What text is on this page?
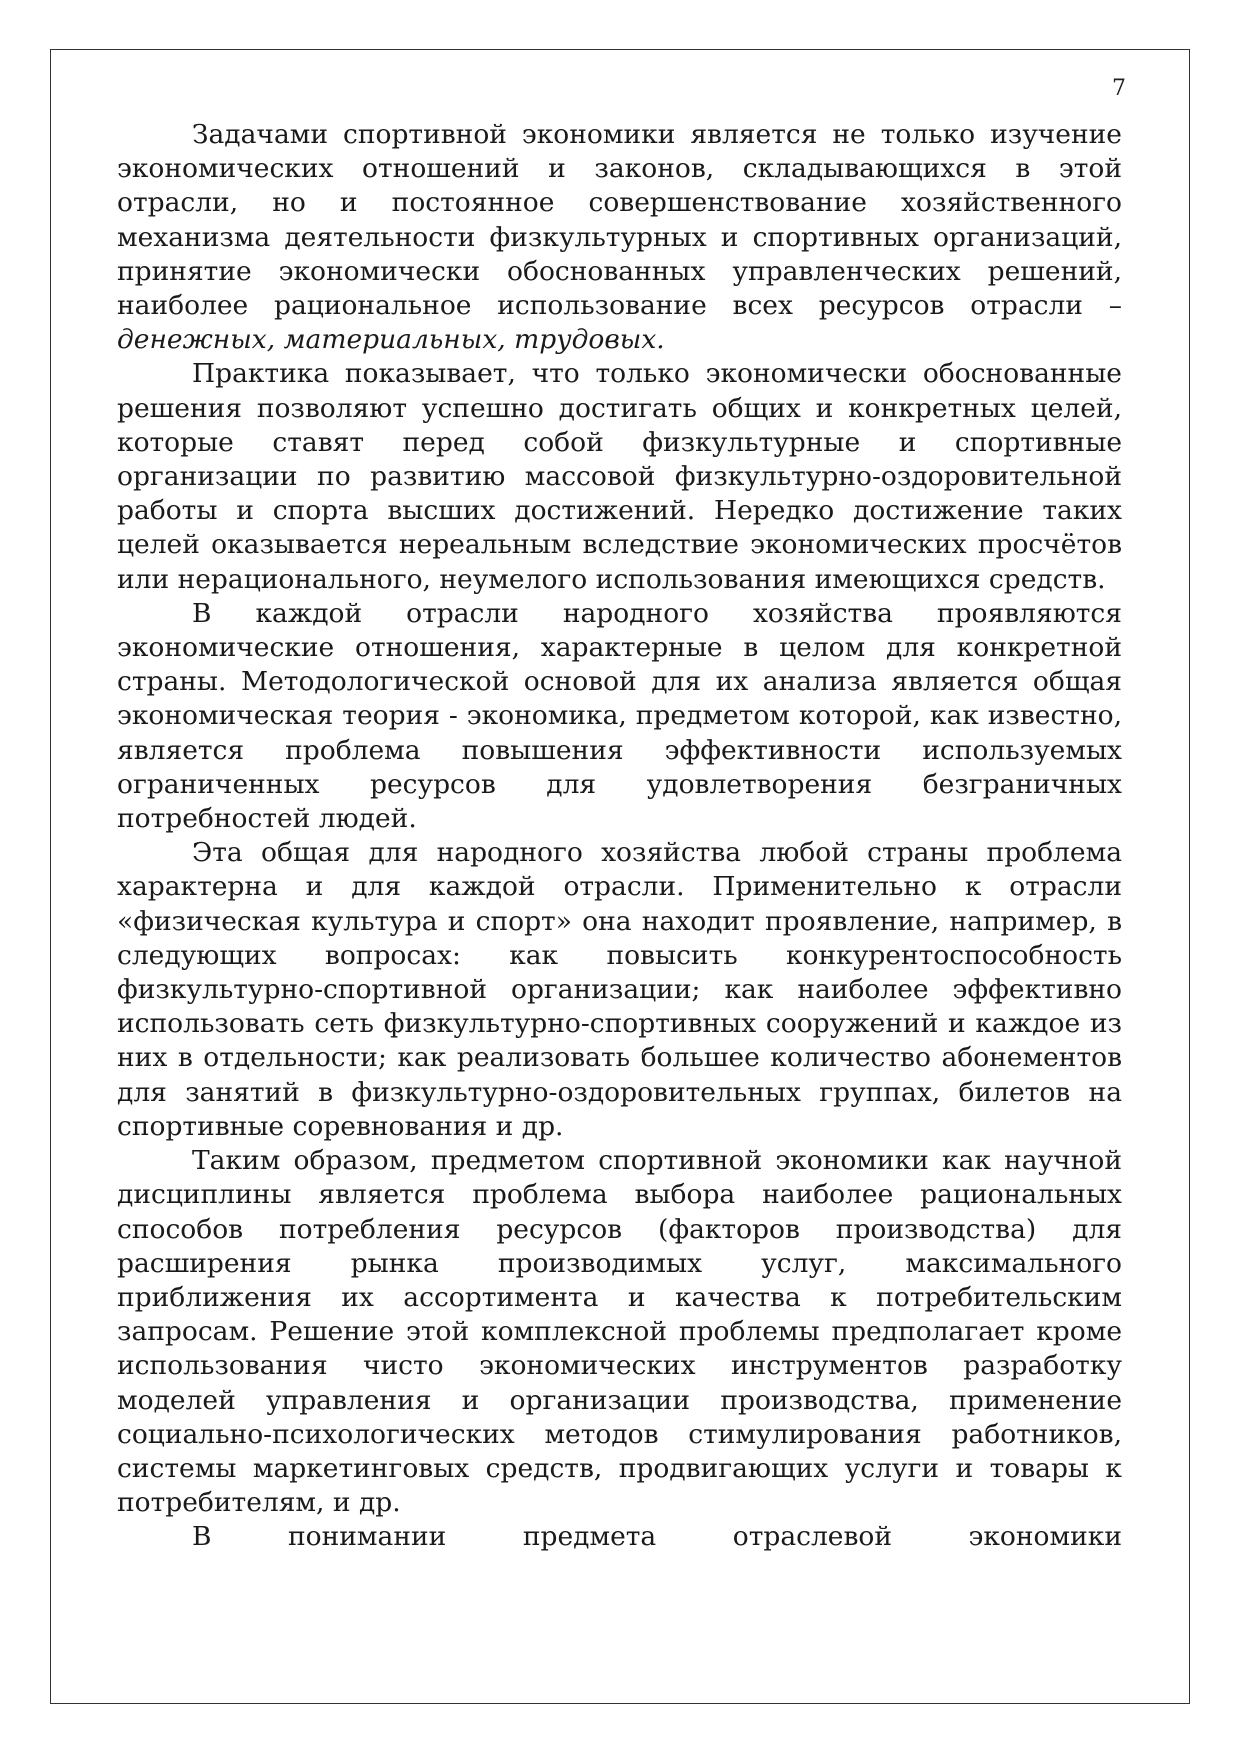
7

Задачами спортивной экономики является не только изучение экономических отношений и законов, складывающихся в этой отрасли, но и постоянное совершенствование хозяйственного механизма деятельности физкультурных и спортивных организаций, принятие экономически обоснованных управленческих решений, наиболее рациональное использование всех ресурсов отрасли – денежных, материальных, трудовых.

Практика показывает, что только экономически обоснованные решения позволяют успешно достигать общих и конкретных целей, которые ставят перед собой физкультурные и спортивные организации по развитию массовой физкультурно-оздоровительной работы и спорта высших достижений. Нередко достижение таких целей оказывается нереальным вследствие экономических просчётов или нерационального, неумелого использования имеющихся средств.

В каждой отрасли народного хозяйства проявляются экономические отношения, характерные в целом для конкретной страны. Методологической основой для их анализа является общая экономическая теория - экономика, предметом которой, как известно, является проблема повышения эффективности используемых ограниченных ресурсов для удовлетворения безграничных потребностей людей.

Эта общая для народного хозяйства любой страны проблема характерна и для каждой отрасли. Применительно к отрасли «физическая культура и спорт» она находит проявление, например, в следующих вопросах: как повысить конкурентоспособность физкультурно-спортивной организации; как наиболее эффективно использовать сеть физкультурно-спортивных сооружений и каждое из них в отдельности; как реализовать большее количество абонементов для занятий в физкультурно-оздоровительных группах, билетов на спортивные соревнования и др.

Таким образом, предметом спортивной экономики как научной дисциплины является проблема выбора наиболее рациональных способов потребления ресурсов (факторов производства) для расширения рынка производимых услуг, максимального приближения их ассортимента и качества к потребительским запросам. Решение этой комплексной проблемы предполагает кроме использования чисто экономических инструментов разработку моделей управления и организации производства, применение социально-психологических методов стимулирования работников, системы маркетинговых средств, продвигающих услуги и товары к потребителям, и др.

В понимании предмета отраслевой экономики
